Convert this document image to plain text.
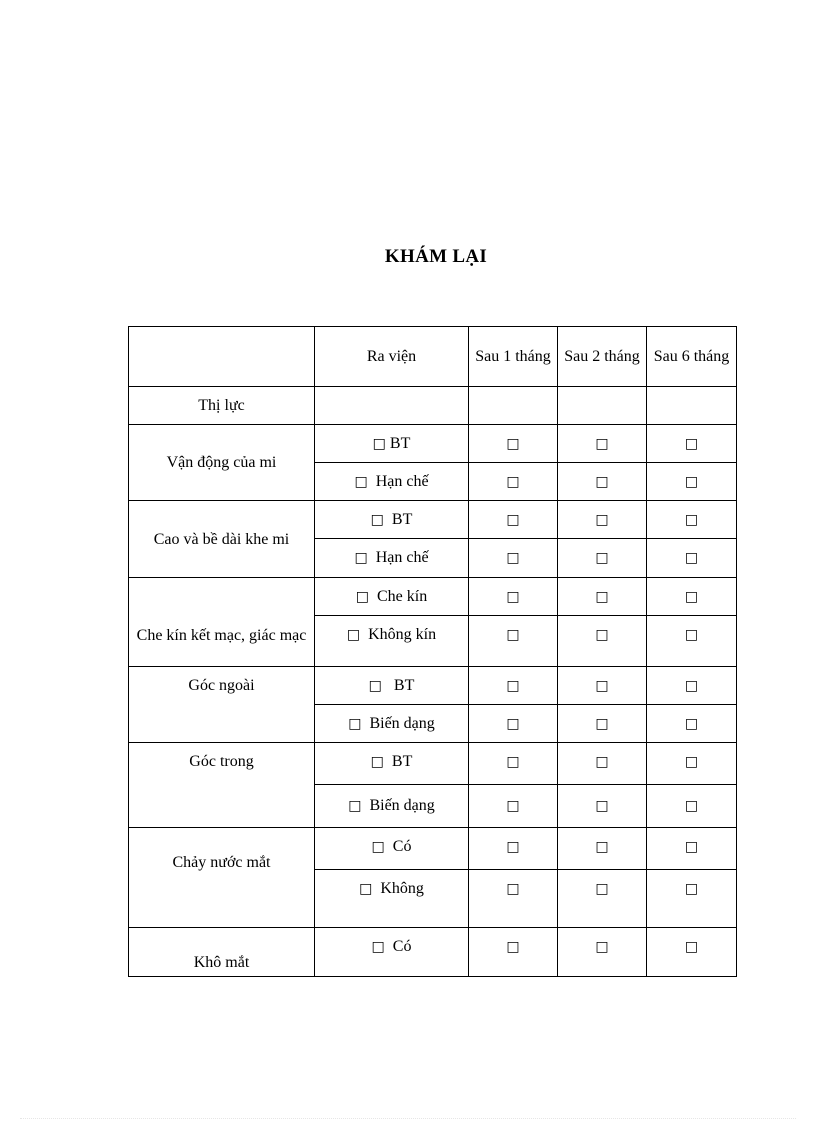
KHÁM LẠI
	Ra viện	Sau 1 tháng	Sau 2 tháng	Sau 6 tháng
Thị lực				
Vận động của mi	□ BT	□	□	□
	□ Hạn chế	□	□	□
Cao và bề dài khe mi	□ BT	□	□	□
	□ Hạn chế	□	□	□
Che kín kết mạc, giác mạc	□ Che kín	□	□	□
	□ Không kín	□	□	□
Góc ngoài	□ BT	□	□	□
	□ Biến dạng	□	□	□
Góc trong	□ BT	□	□	□
	□ Biến dạng	□	□	□
Chảy nước mắt	□ Có	□	□	□
	□ Không	□	□	□
Khô mắt	□ Có	□	□	□
